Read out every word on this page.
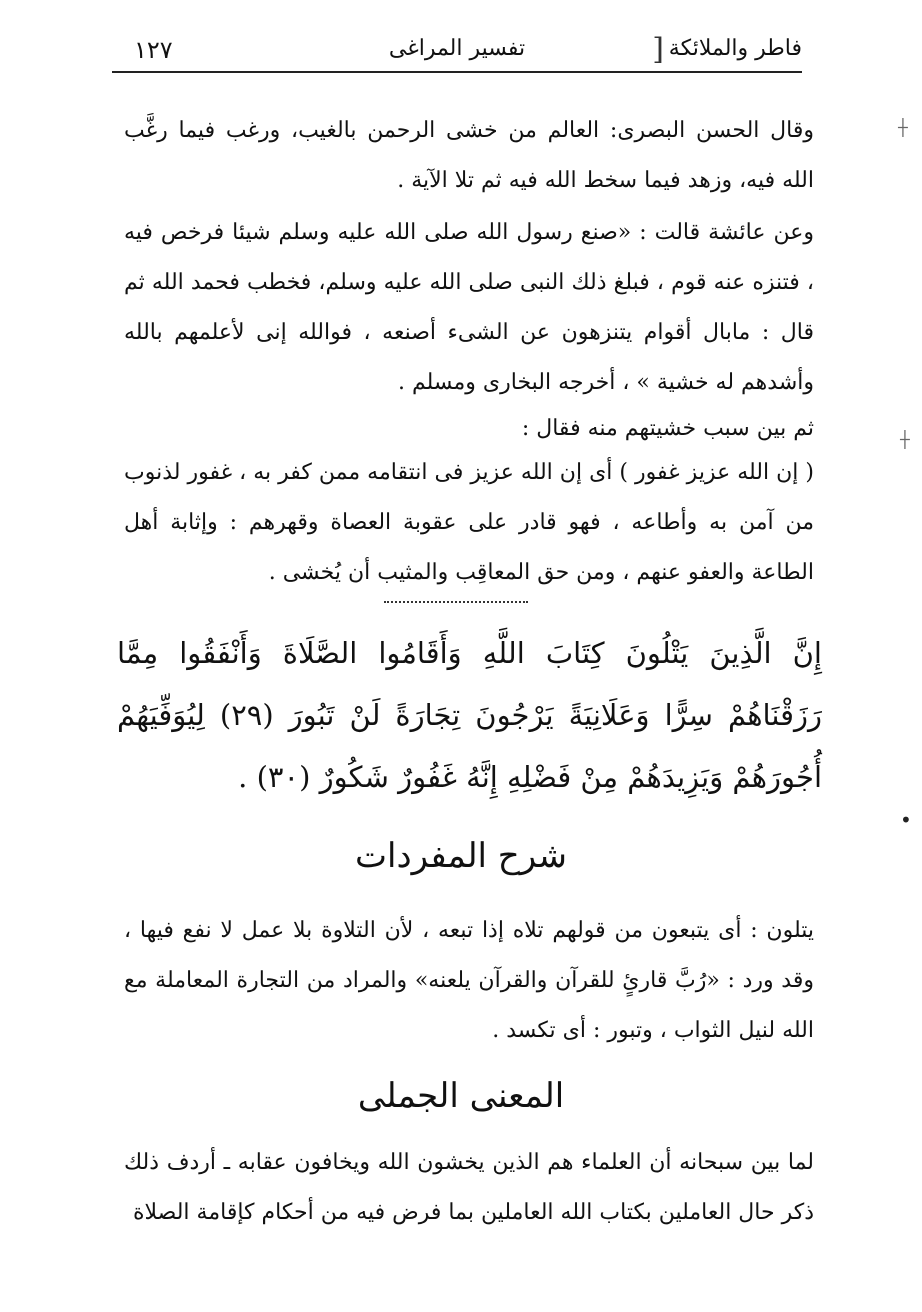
فاطر والملائكة
[
تفسير المراغى
١٢٧

وقال الحسن البصرى: العالم من خشى الرحمن بالغيب، ورغب فيما رغَّب الله فيه، وزهد فيما سخط الله فيه ثم تلا الآية .

وعن عائشة قالت : «صنع رسول الله صلى الله عليه وسلم شيئا فرخص فيه ، فتنزه عنه قوم ، فبلغ ذلك النبى صلى الله عليه وسلم، فخطب فحمد الله ثم قال : مابال أقوام يتنزهون عن الشىء أصنعه ، فوالله إنى لأعلمهم بالله وأشدهم له خشية » ، أخرجه البخارى ومسلم .

ثم بين سبب خشيتهم منه فقال :

( إن الله عزيز غفور ) أى إن الله عزيز فى انتقامه ممن كفر به ، غفور لذنوب من آمن به وأطاعه ، فهو قادر على عقوبة العصاة وقهرهم : وإثابة أهل الطاعة والعفو عنهم ، ومن حق المعاقِب والمثيب أن يُخشى .

إِنَّ الَّذِينَ يَتْلُونَ كِتَابَ اللَّهِ وَأَقَامُوا الصَّلَاةَ وَأَنْفَقُوا مِمَّا رَزَقْنَاهُمْ سِرًّا وَعَلَانِيَةً يَرْجُونَ تِجَارَةً لَنْ تَبُورَ (٢٩) لِيُوَفِّيَهُمْ أُجُورَهُمْ وَيَزِيدَهُمْ مِنْ فَضْلِهِ إِنَّهُ غَفُورٌ شَكُورٌ (٣٠) .

شرح المفردات

يتلون : أى يتبعون من قولهم تلاه إذا تبعه ، لأن التلاوة بلا عمل لا نفع فيها ، وقد ورد : «رُبَّ قارئٍ للقرآن والقرآن يلعنه» والمراد من التجارة المعاملة مع الله لنيل الثواب ، وتبور : أى تكسد .

المعنى الجملى

لما بين سبحانه أن العلماء هم الذين يخشون الله ويخافون عقابه ـ أردف ذلك ذكر حال العاملين بكتاب الله العاملين بما فرض فيه من أحكام كإقامة الصلاة

┼
┼
•
